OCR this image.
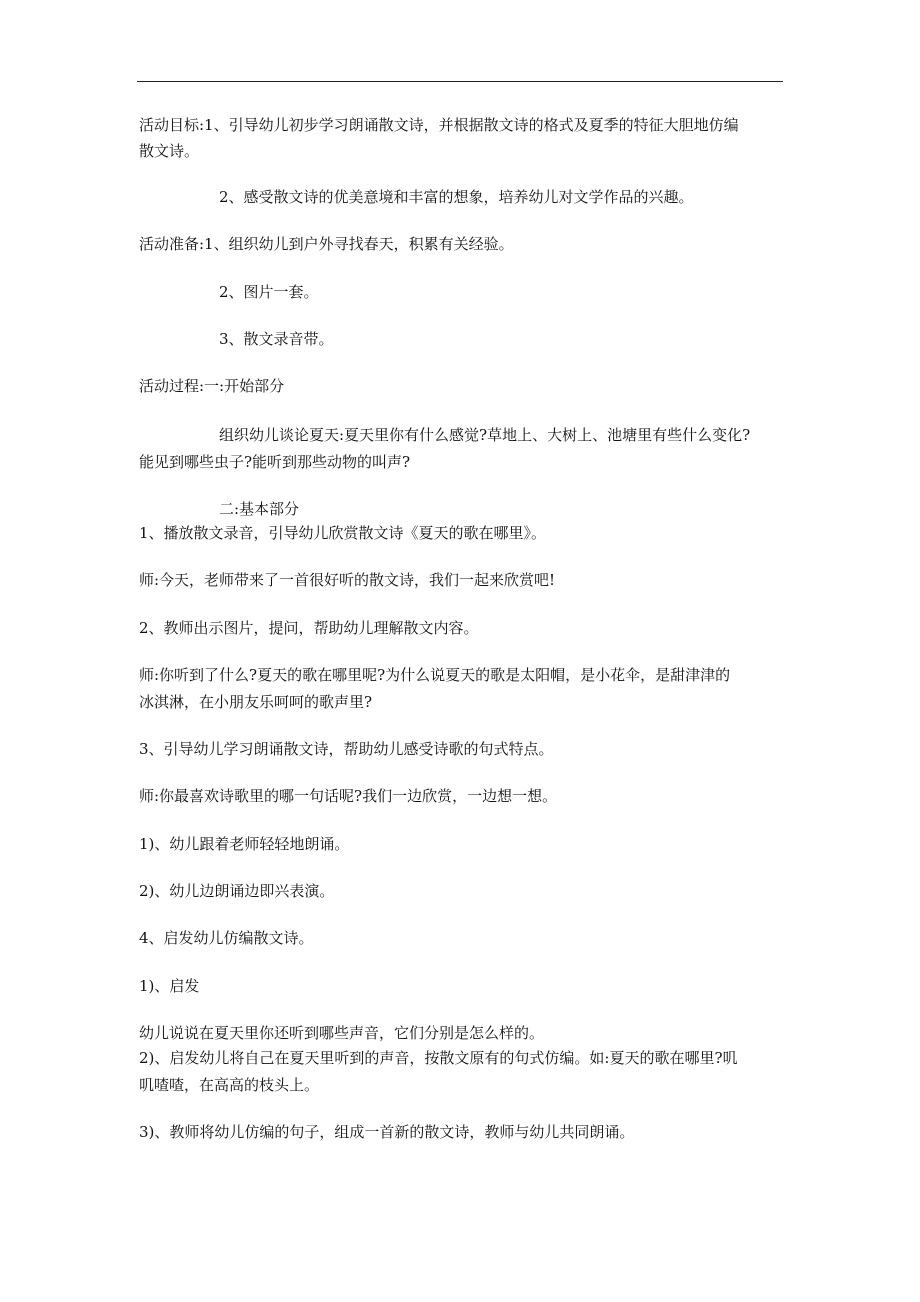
活动目标:1、引导幼儿初步学习朗诵散文诗，并根据散文诗的格式及夏季的特征大胆地仿编
散文诗。
2、感受散文诗的优美意境和丰富的想象，培养幼儿对文学作品的兴趣。
活动准备:1、组织幼儿到户外寻找春天，积累有关经验。
2、图片一套。
3、散文录音带。
活动过程:一:开始部分
组织幼儿谈论夏天:夏天里你有什么感觉?草地上、大树上、池塘里有些什么变化?
能见到哪些虫子?能听到那些动物的叫声?
二:基本部分
1、播放散文录音，引导幼儿欣赏散文诗《夏天的歌在哪里》。
师:今天，老师带来了一首很好听的散文诗，我们一起来欣赏吧!
2、教师出示图片，提问，帮助幼儿理解散文内容。
师:你听到了什么?夏天的歌在哪里呢?为什么说夏天的歌是太阳帽，是小花伞，是甜津津的
冰淇淋，在小朋友乐呵呵的歌声里?
3、引导幼儿学习朗诵散文诗，帮助幼儿感受诗歌的句式特点。
师:你最喜欢诗歌里的哪一句话呢?我们一边欣赏，一边想一想。
1)、幼儿跟着老师轻轻地朗诵。
2)、幼儿边朗诵边即兴表演。
4、启发幼儿仿编散文诗。
1)、启发
幼儿说说在夏天里你还听到哪些声音，它们分别是怎么样的。
2)、启发幼儿将自己在夏天里听到的声音，按散文原有的句式仿编。如:夏天的歌在哪里?叽
叽喳喳，在高高的枝头上。
3)、教师将幼儿仿编的句子，组成一首新的散文诗，教师与幼儿共同朗诵。
